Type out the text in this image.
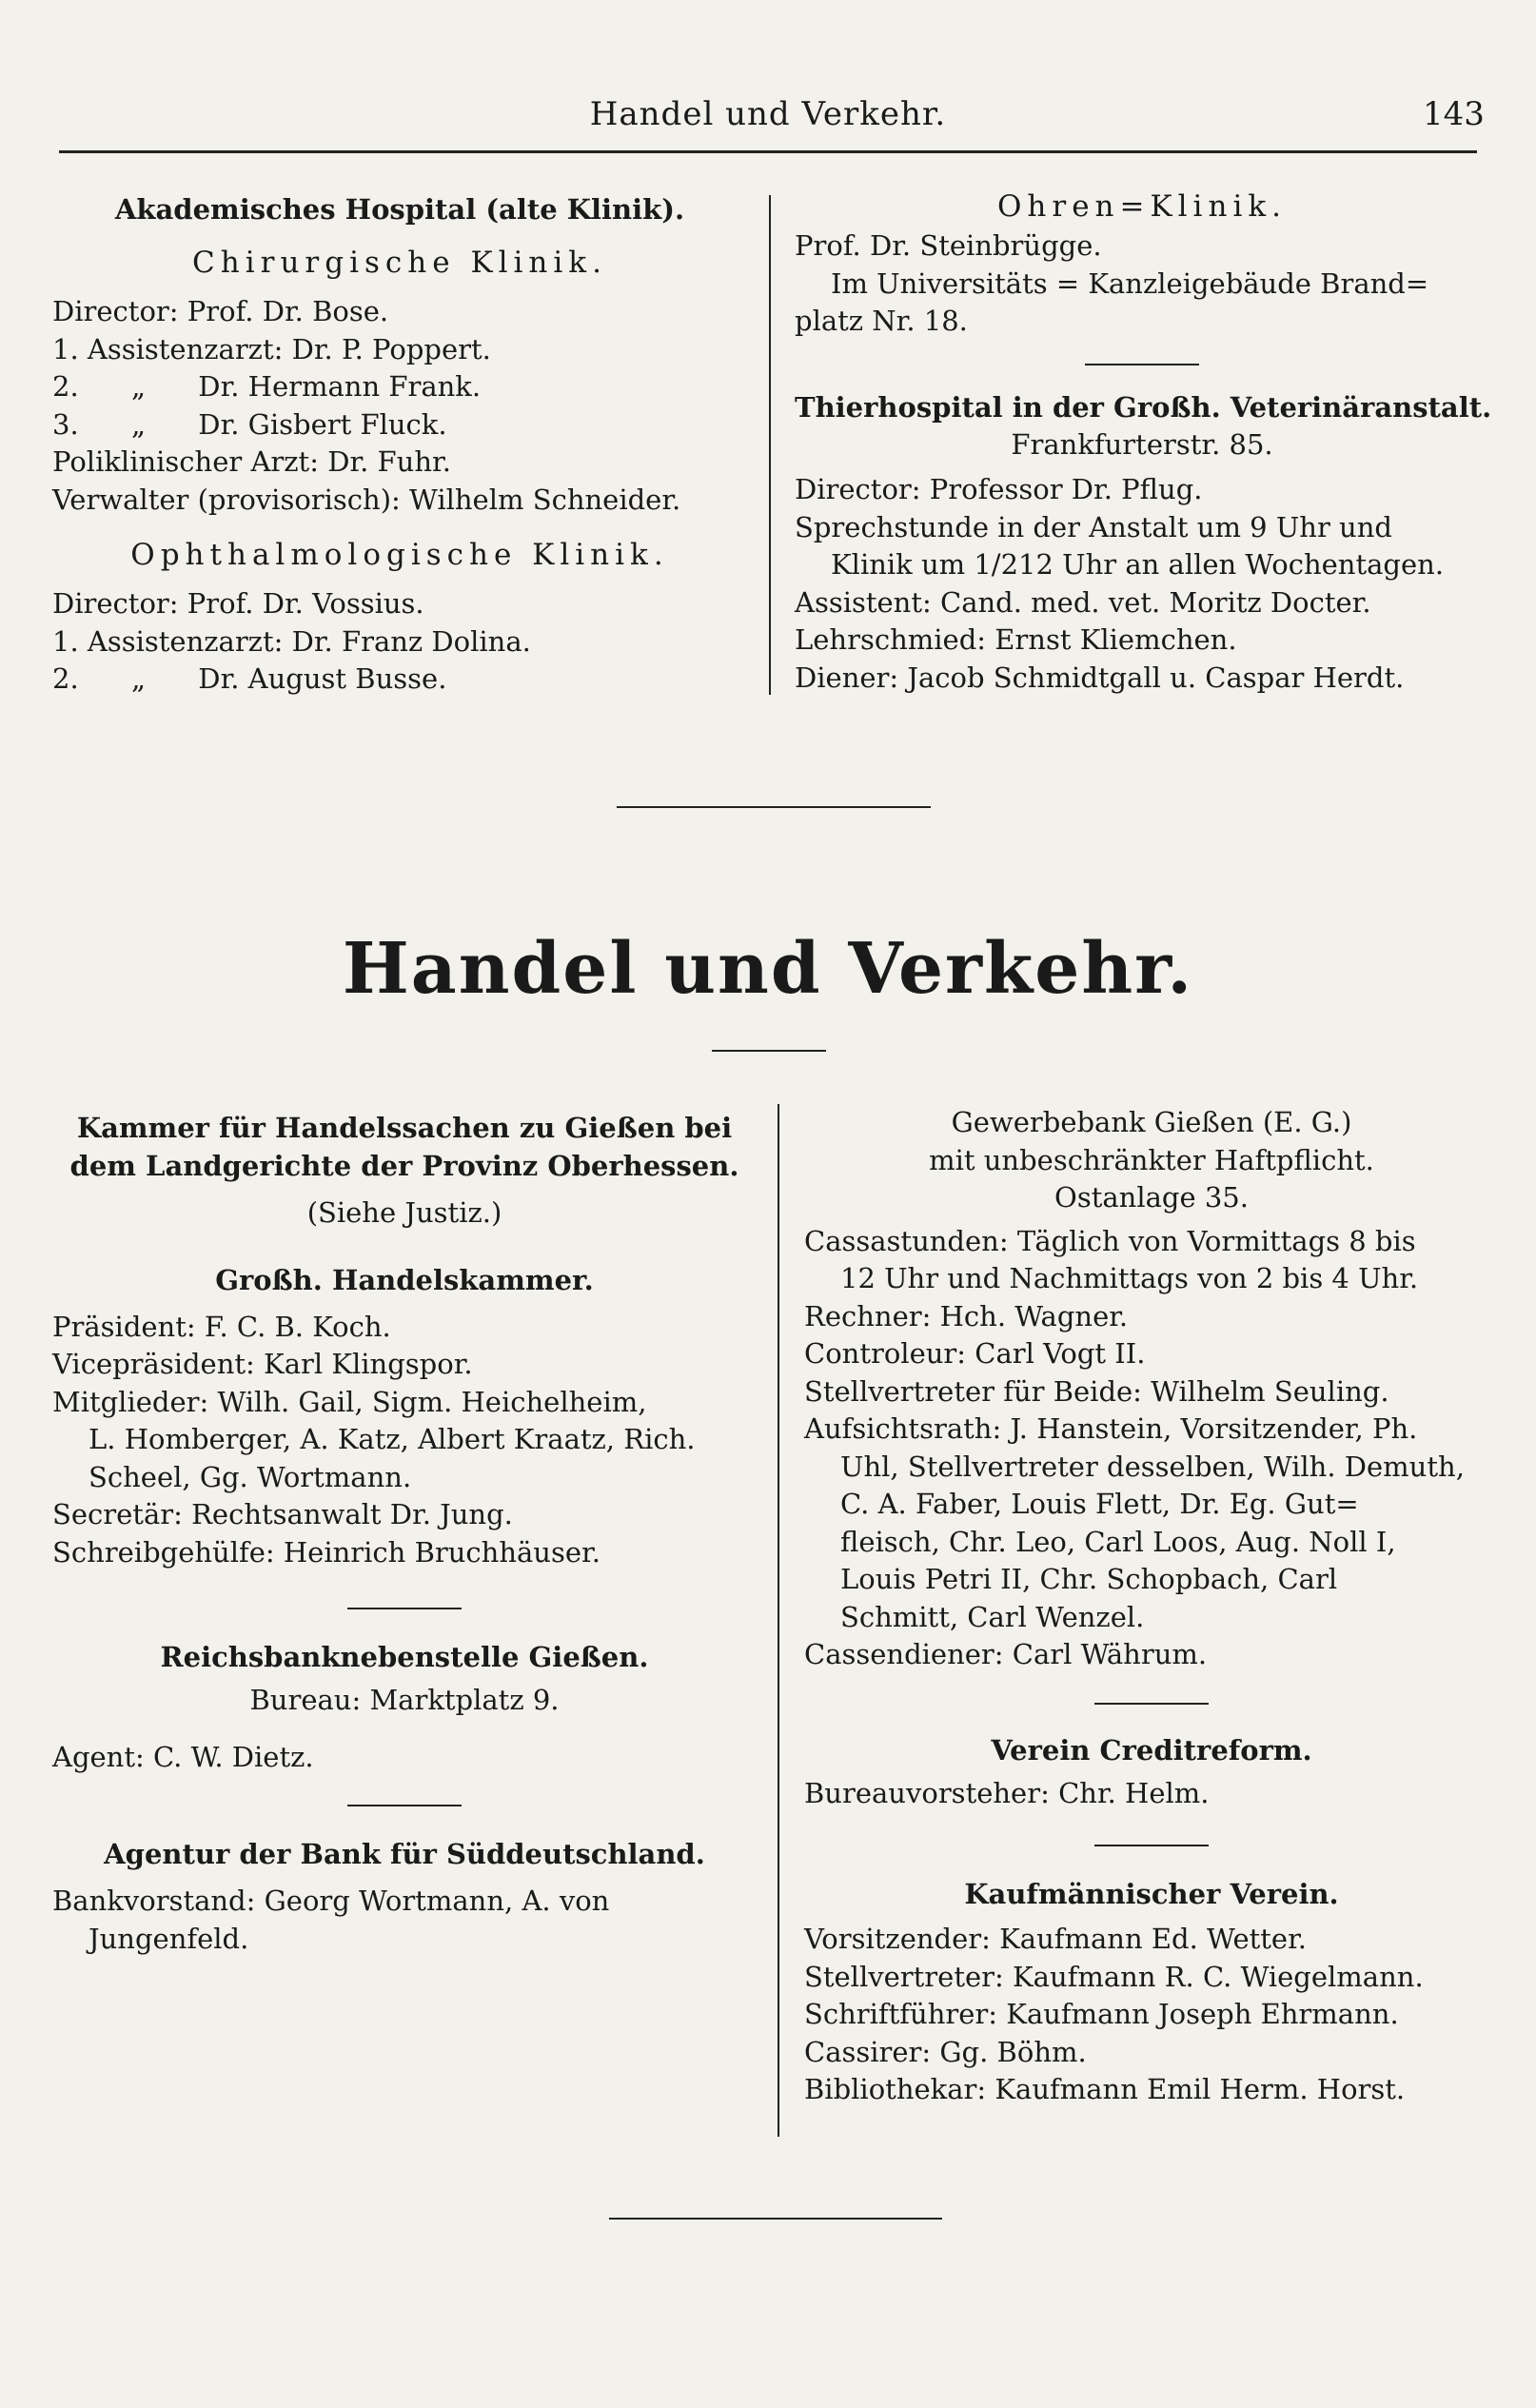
Handel und Verkehr.	143

Akademisches Hospital (alte Klinik).

Chirurgische Klinik.

Director: Prof. Dr. Bose.

1. Assistenzarzt: Dr. P. Poppert.

2.      „      Dr. Hermann Frank.

3.      „      Dr. Gisbert Fluck.

Poliklinischer Arzt: Dr. Fuhr.

Verwalter (provisorisch): Wilhelm Schneider.

Ophthalmologische Klinik.

Director: Prof. Dr. Vossius.

1. Assistenzarzt: Dr. Franz Dolina.

2.      „      Dr. August Busse.

Ohren=Klinik.

Prof. Dr. Steinbrügge.

Im Universitäts = Kanzleigebäude Brand=

platz Nr. 18.

Thierhospital in der Großh. Veterinäranstalt.

Frankfurterstr. 85.

Director: Professor Dr. Pflug.

Sprechstunde in der Anstalt um 9 Uhr und

Klinik um 1/212 Uhr an allen Wochentagen.

Assistent: Cand. med. vet. Moritz Docter.

Lehrschmied: Ernst Kliemchen.

Diener: Jacob Schmidtgall u. Caspar Herdt.

Handel und Verkehr.

Kammer für Handelssachen zu Gießen bei

dem Landgerichte der Provinz Oberhessen.

(Siehe Justiz.)

Großh. Handelskammer.

Präsident: F. C. B. Koch.

Vicepräsident: Karl Klingspor.

Mitglieder: Wilh. Gail, Sigm. Heichelheim,

L. Homberger, A. Katz, Albert Kraatz, Rich.

Scheel, Gg. Wortmann.

Secretär: Rechtsanwalt Dr. Jung.

Schreibgehülfe: Heinrich Bruchhäuser.

Reichsbanknebenstelle Gießen.

Bureau: Marktplatz 9.

Agent: C. W. Dietz.

Agentur der Bank für Süddeutschland.

Bankvorstand: Georg Wortmann, A. von

Jungenfeld.

Gewerbebank Gießen (E. G.)

mit unbeschränkter Haftpflicht.

Ostanlage 35.

Cassastunden: Täglich von Vormittags 8 bis

12 Uhr und Nachmittags von 2 bis 4 Uhr.

Rechner: Hch. Wagner.

Controleur: Carl Vogt II.

Stellvertreter für Beide: Wilhelm Seuling.

Aufsichtsrath: J. Hanstein, Vorsitzender, Ph.

Uhl, Stellvertreter desselben, Wilh. Demuth,

C. A. Faber, Louis Flett, Dr. Eg. Gut=

fleisch, Chr. Leo, Carl Loos, Aug. Noll I,

Louis Petri II, Chr. Schopbach, Carl

Schmitt, Carl Wenzel.

Cassendiener: Carl Währum.

Verein Creditreform.

Bureauvorsteher: Chr. Helm.

Kaufmännischer Verein.

Vorsitzender: Kaufmann Ed. Wetter.

Stellvertreter: Kaufmann R. C. Wiegelmann.

Schriftführer: Kaufmann Joseph Ehrmann.

Cassirer: Gg. Böhm.

Bibliothekar: Kaufmann Emil Herm. Horst.
